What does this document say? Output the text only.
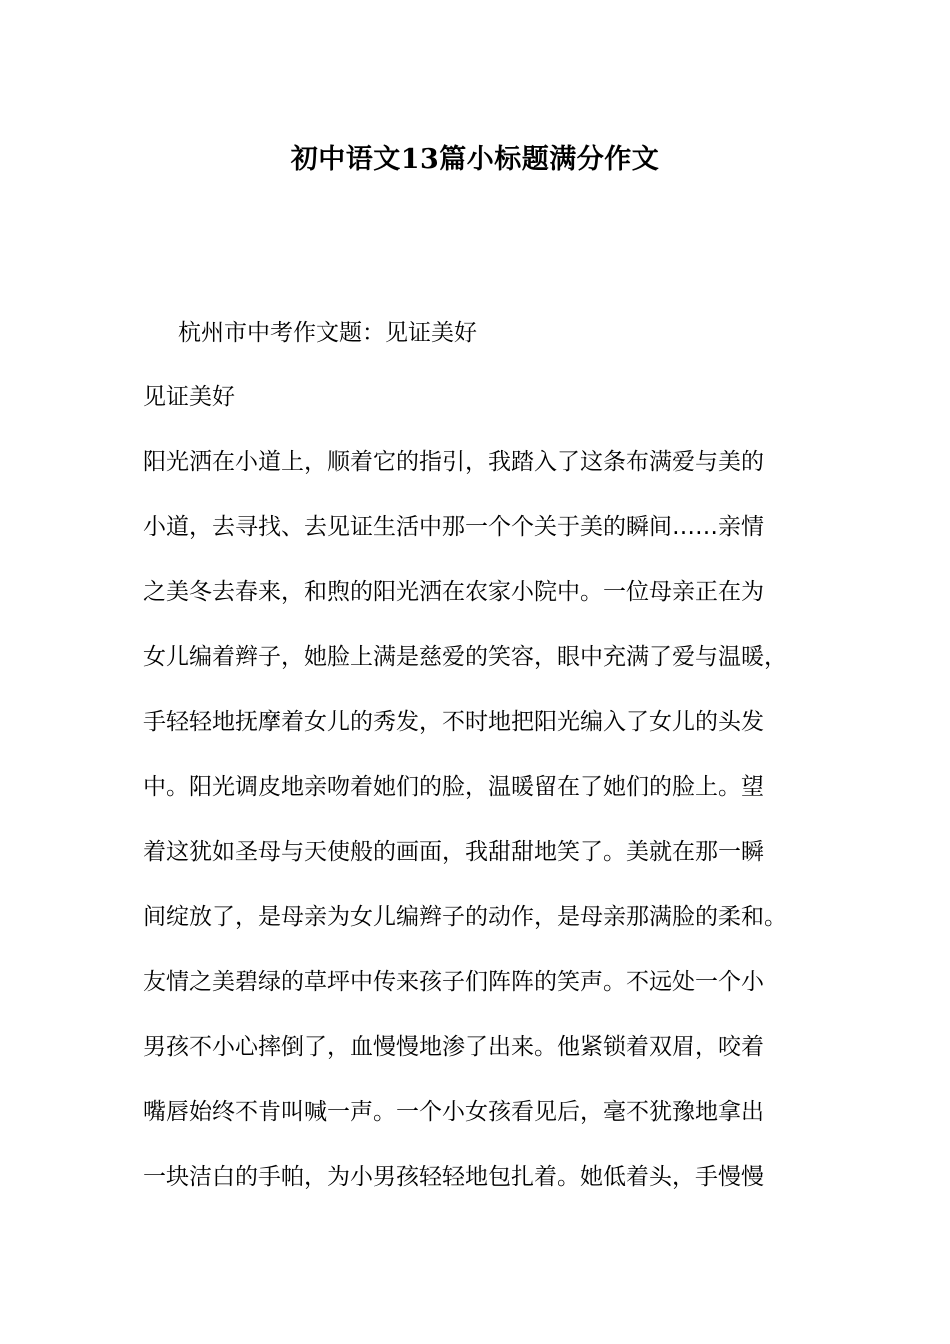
初中语文13篇小标题满分作文
杭州市中考作文题：见证美好
见证美好
阳光洒在小道上，顺着它的指引，我踏入了这条布满爱与美的
小道，去寻找、去见证生活中那一个个关于美的瞬间……亲情
之美冬去春来，和煦的阳光洒在农家小院中。一位母亲正在为
女儿编着辫子，她脸上满是慈爱的笑容，眼中充满了爱与温暖，
手轻轻地抚摩着女儿的秀发，不时地把阳光编入了女儿的头发
中。阳光调皮地亲吻着她们的脸，温暖留在了她们的脸上。望
着这犹如圣母与天使般的画面，我甜甜地笑了。美就在那一瞬
间绽放了，是母亲为女儿编辫子的动作，是母亲那满脸的柔和。
友情之美碧绿的草坪中传来孩子们阵阵的笑声。不远处一个小
男孩不小心摔倒了，血慢慢地渗了出来。他紧锁着双眉，咬着
嘴唇始终不肯叫喊一声。一个小女孩看见后，毫不犹豫地拿出
一块洁白的手帕，为小男孩轻轻地包扎着。她低着头，手慢慢
